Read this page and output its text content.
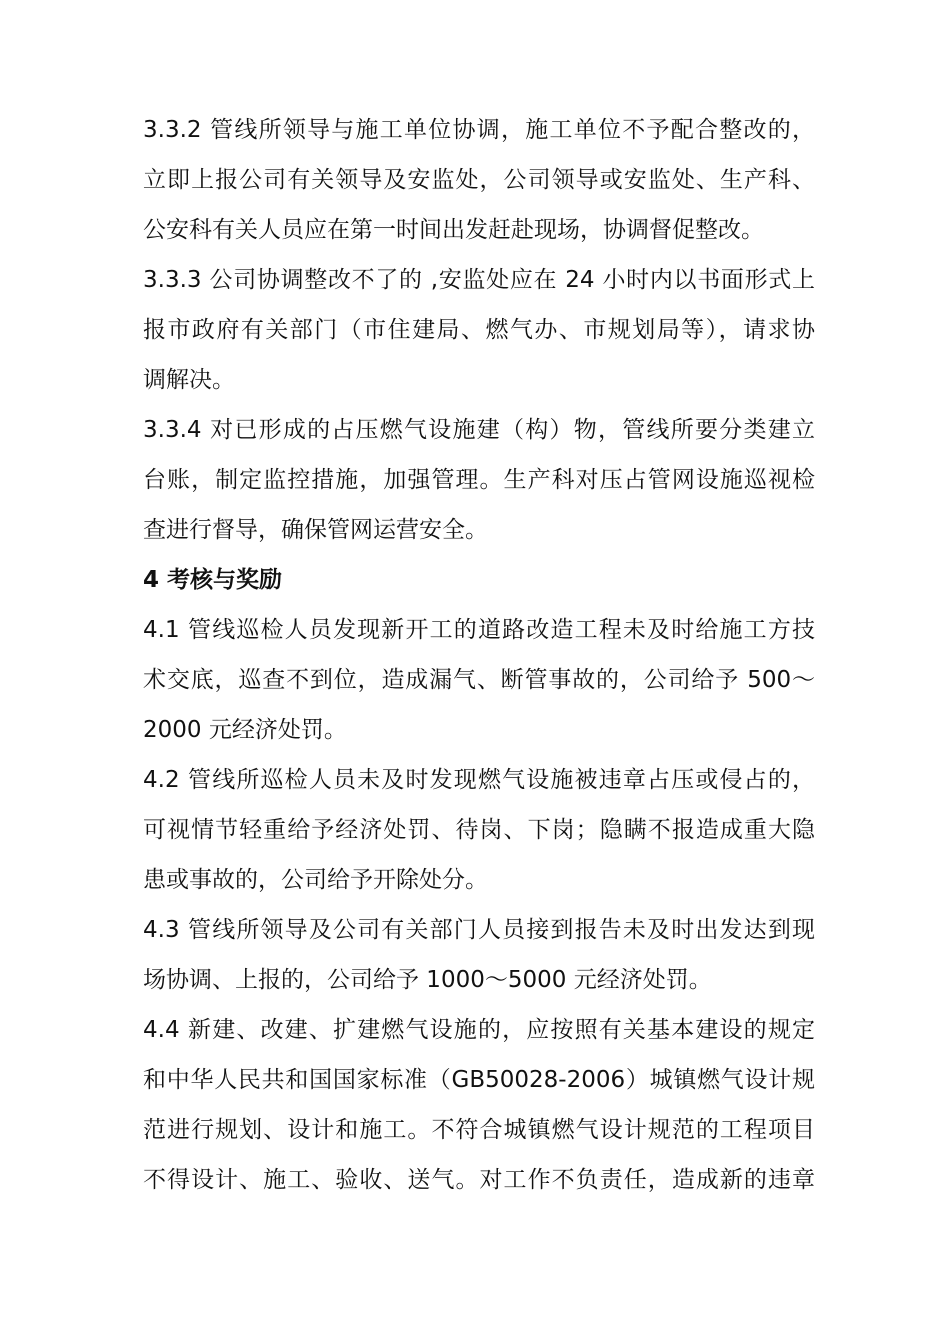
3.3.2 管线所领导与施工单位协调，施工单位不予配合整改的，
立即上报公司有关领导及安监处，公司领导或安监处、生产科、
公安科有关人员应在第一时间出发赶赴现场，协调督促整改。
3.3.3 公司协调整改不了的 ,安监处应在 24 小时内以书面形式上
报市政府有关部门（市住建局、燃气办、市规划局等），请求协
调解决。
3.3.4 对已形成的占压燃气设施建（构）物，管线所要分类建立
台账，制定监控措施，加强管理。生产科对压占管网设施巡视检
查进行督导，确保管网运营安全。
4 考核与奖励
4.1 管线巡检人员发现新开工的道路改造工程未及时给施工方技
术交底，巡查不到位，造成漏气、断管事故的，公司给予 500～
2000 元经济处罚。
4.2 管线所巡检人员未及时发现燃气设施被违章占压或侵占的，
可视情节轻重给予经济处罚、待岗、下岗；隐瞒不报造成重大隐
患或事故的，公司给予开除处分。
4.3 管线所领导及公司有关部门人员接到报告未及时出发达到现
场协调、上报的，公司给予 1000～5000 元经济处罚。
4.4 新建、改建、扩建燃气设施的，应按照有关基本建设的规定
和中华人民共和国国家标准（GB50028-2006）城镇燃气设计规
范进行规划、设计和施工。不符合城镇燃气设计规范的工程项目
不得设计、施工、验收、送气。对工作不负责任，造成新的违章
